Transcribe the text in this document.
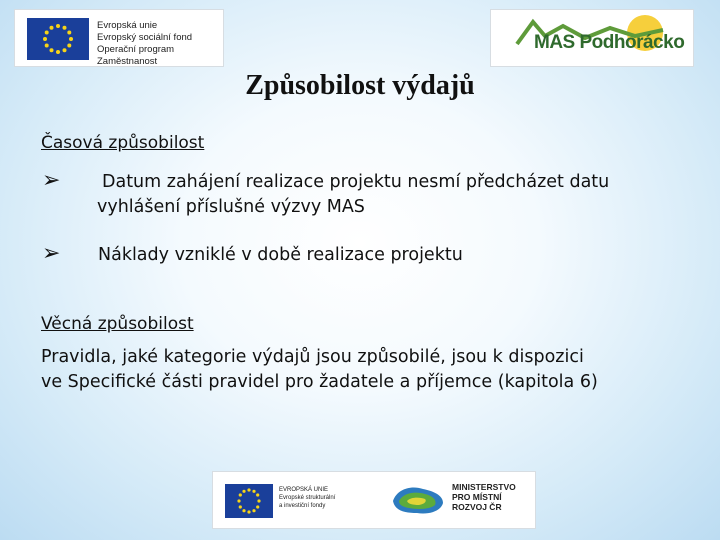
Evropská unie
Evropský sociální fond
Operační program Zaměstnanost
MAS Podhorácko
Způsobilost výdajů
Časová způsobilost
➢ Datum zahájení realizace projektu nesmí předcházet datu
vyhlášení příslušné výzvy MAS
➢ Náklady vzniklé v době realizace projektu
Věcná způsobilost
Pravidla, jaké kategorie výdajů jsou způsobilé, jsou k dispozici
ve Specifické části pravidel pro žadatele a příjemce (kapitola 6)
EVROPSKÁ UNIE
Evropské strukturální
a investiční fondy
MINISTERSTVO
PRO MÍSTNÍ
ROZVOJ ČR
